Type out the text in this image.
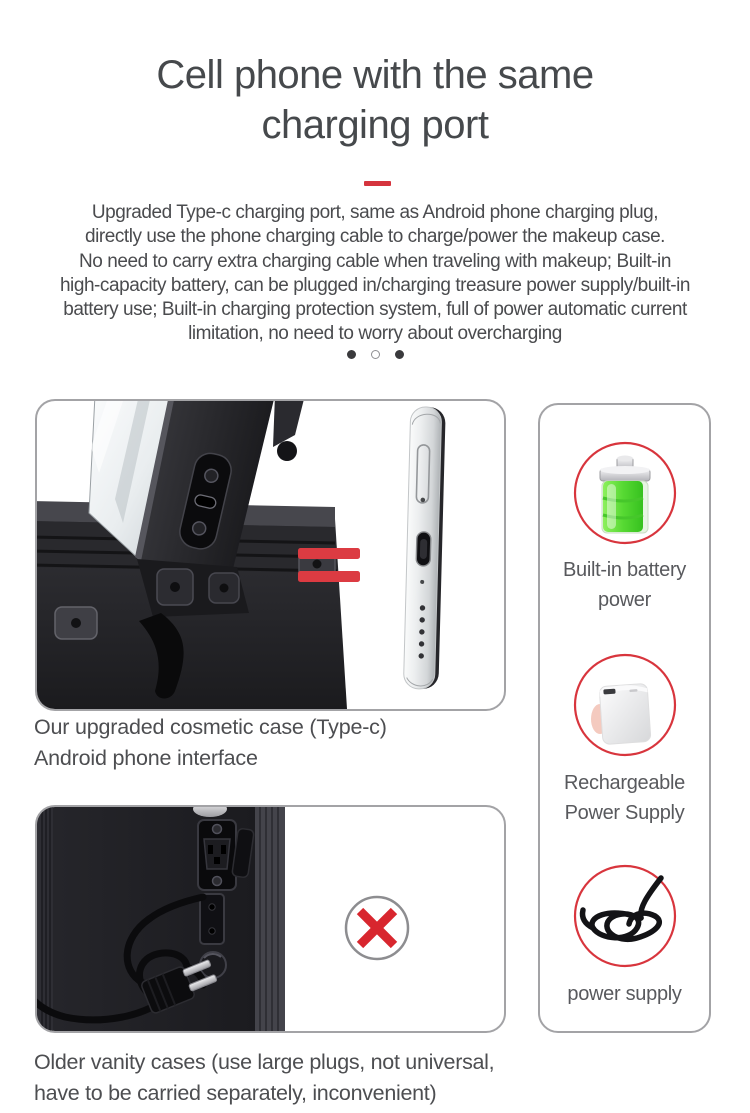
Cell phone with the same
charging port
Upgraded Type-c charging port, same as Android phone charging plug,
directly use the phone charging cable to charge/power the makeup case.
No need to carry extra charging cable when traveling with makeup; Built-in
high-capacity battery, can be plugged in/charging treasure power supply/built-in
battery use; Built-in charging protection system, full of power automatic current
limitation, no need to worry about overcharging
Our upgraded cosmetic case (Type-c)
Android phone interface
Built-in battery power
Rechargeable Power Supply
power supply
Older vanity cases (use large plugs, not universal,
have to be carried separately, inconvenient)
